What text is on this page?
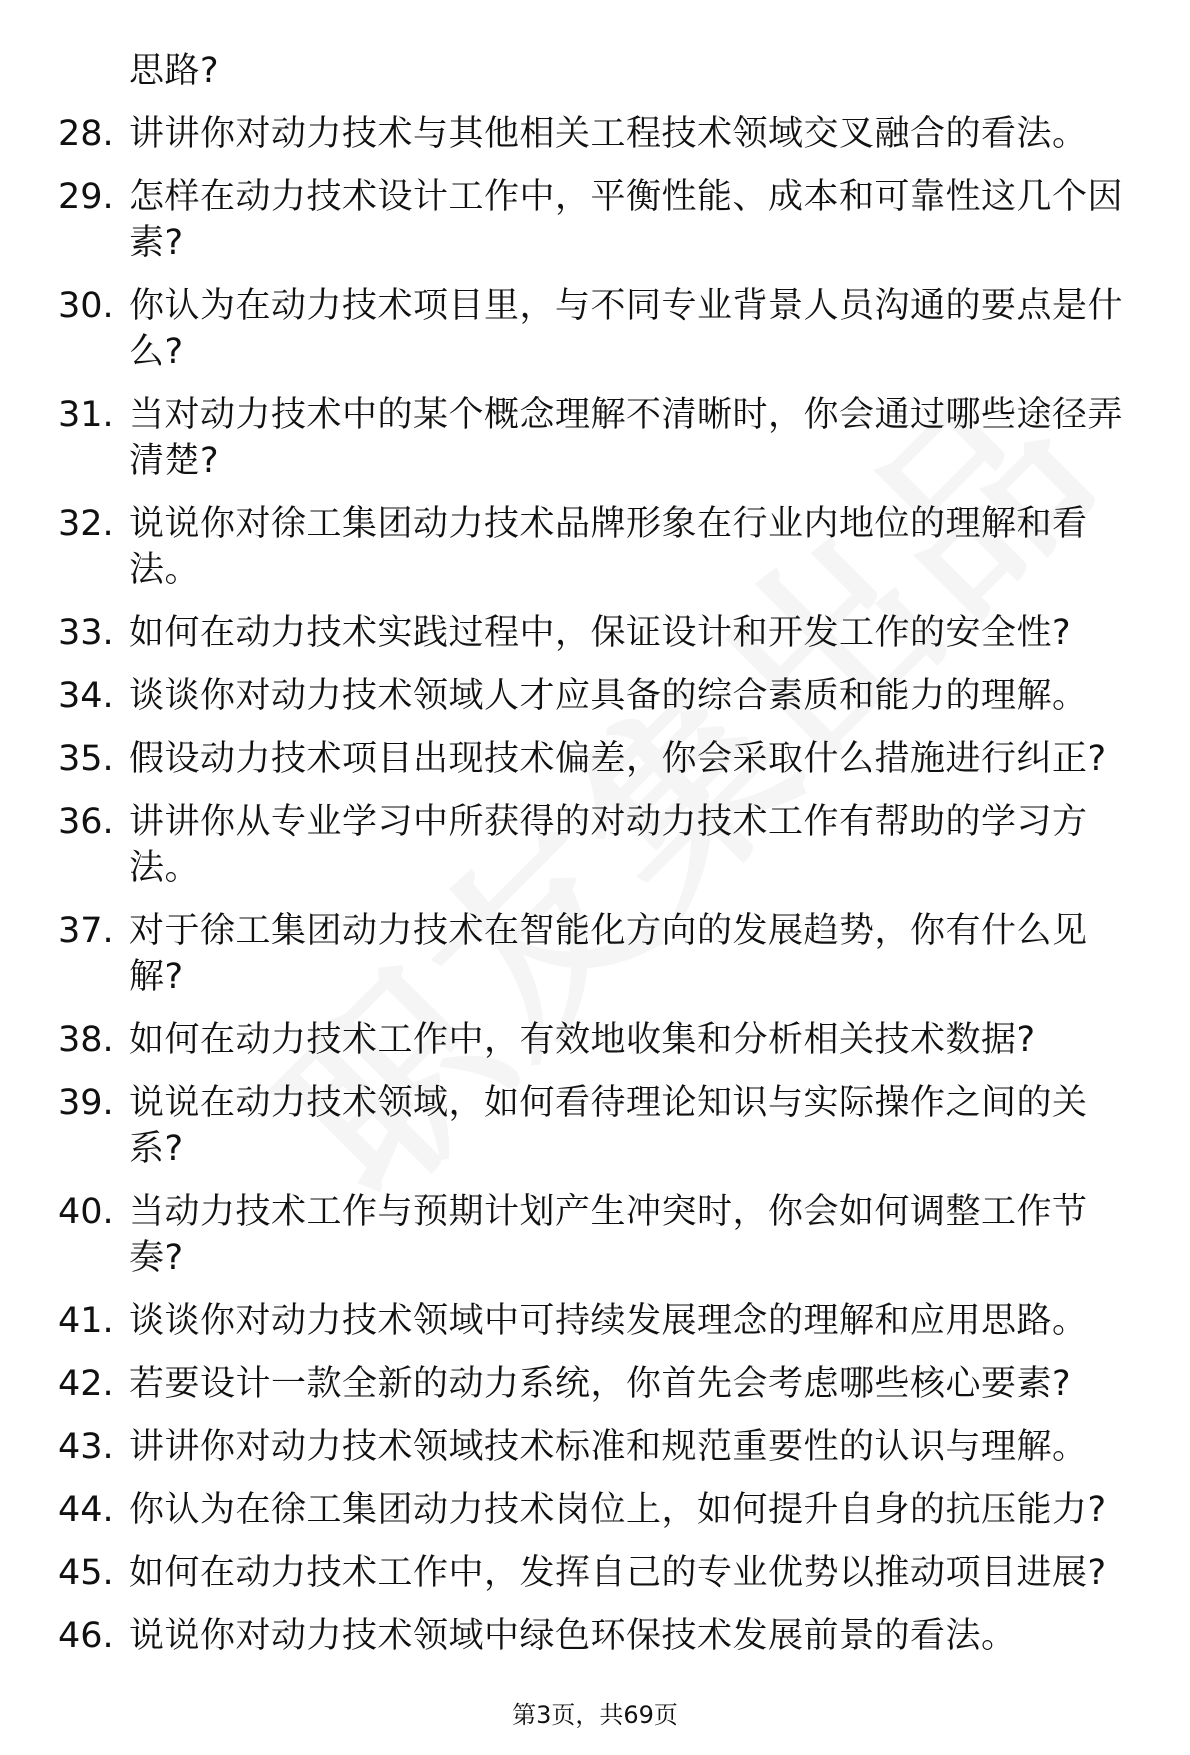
思路?
28. 讲讲你对动力技术与其他相关工程技术领域交叉融合的看法。
29. 怎样在动力技术设计工作中，平衡性能、成本和可靠性这几个因素?
30. 你认为在动力技术项目里，与不同专业背景人员沟通的要点是什么?
31. 当对动力技术中的某个概念理解不清晰时，你会通过哪些途径弄清楚?
32. 说说你对徐工集团动力技术品牌形象在行业内地位的理解和看法。
33. 如何在动力技术实践过程中，保证设计和开发工作的安全性?
34. 谈谈你对动力技术领域人才应具备的综合素质和能力的理解。
35. 假设动力技术项目出现技术偏差，你会采取什么措施进行纠正?
36. 讲讲你从专业学习中所获得的对动力技术工作有帮助的学习方法。
37. 对于徐工集团动力技术在智能化方向的发展趋势，你有什么见解?
38. 如何在动力技术工作中，有效地收集和分析相关技术数据?
39. 说说在动力技术领域，如何看待理论知识与实际操作之间的关系?
40. 当动力技术工作与预期计划产生冲突时，你会如何调整工作节奏?
41. 谈谈你对动力技术领域中可持续发展理念的理解和应用思路。
42. 若要设计一款全新的动力系统，你首先会考虑哪些核心要素?
43. 讲讲你对动力技术领域技术标准和规范重要性的认识与理解。
44. 你认为在徐工集团动力技术岗位上，如何提升自身的抗压能力?
45. 如何在动力技术工作中，发挥自己的专业优势以推动项目进展?
46. 说说你对动力技术领域中绿色环保技术发展前景的看法。
第3页，共69页
